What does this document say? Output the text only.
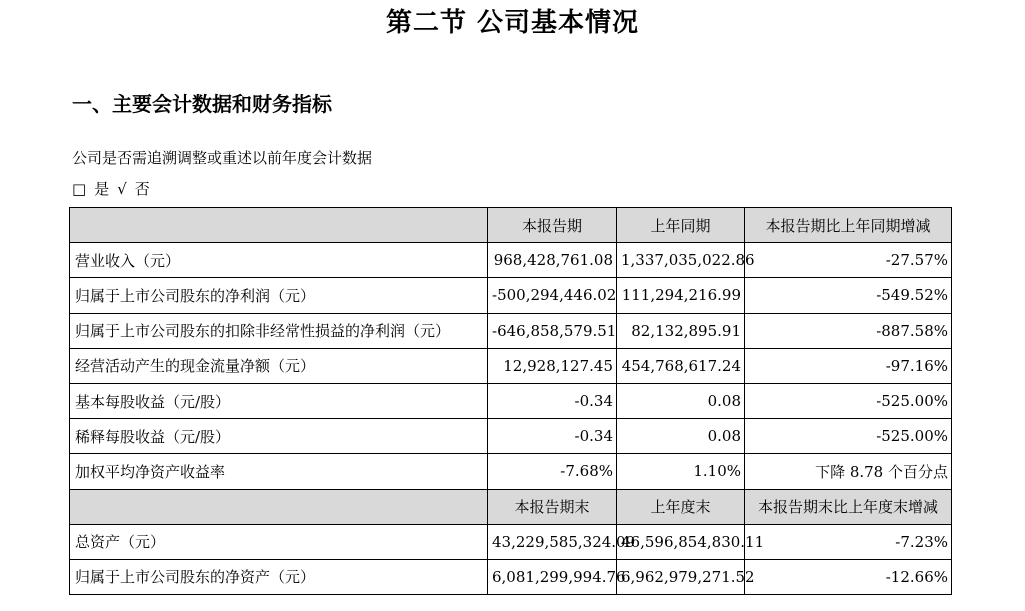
第二节 公司基本情况
一、主要会计数据和财务指标
公司是否需追溯调整或重述以前年度会计数据
□ 是 √ 否
	本报告期	上年同期	本报告期比上年同期增减
营业收入（元）	968,428,761.08	1,337,035,022.86	-27.57%
归属于上市公司股东的净利润（元）	-500,294,446.02	111,294,216.99	-549.52%
归属于上市公司股东的扣除非经常性损益的净利润（元）	-646,858,579.51	82,132,895.91	-887.58%
经营活动产生的现金流量净额（元）	12,928,127.45	454,768,617.24	-97.16%
基本每股收益（元/股）	-0.34	0.08	-525.00%
稀释每股收益（元/股）	-0.34	0.08	-525.00%
加权平均净资产收益率	-7.68%	1.10%	下降 8.78 个百分点
	本报告期末	上年度末	本报告期末比上年度末增减
总资产（元）	43,229,585,324.09	46,596,854,830.11	-7.23%
归属于上市公司股东的净资产（元）	6,081,299,994.76	6,962,979,271.52	-12.66%
